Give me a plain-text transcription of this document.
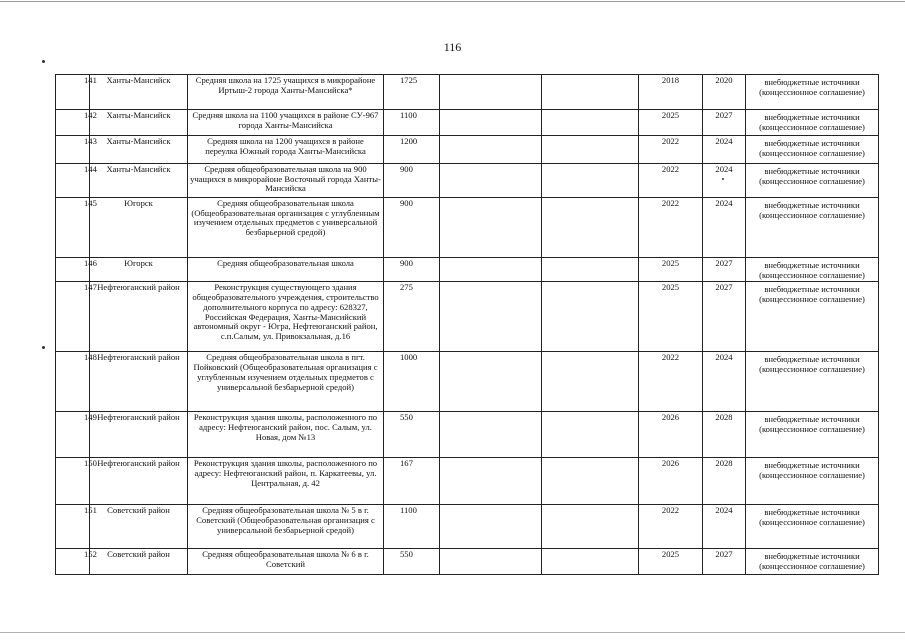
116
141	Ханты-Мансийск	Средняя школа на 1725 учащихся в микрорайоне Иртыш-2 города Ханты-Мансийска*	1725			2018	2020	внебюджетные источники (концессионное соглашение)
142	Ханты-Мансийск	Средняя школа на 1100 учащихся в районе СУ-967 города Ханты-Мансийска	1100			2025	2027	внебюджетные источники (концессионное соглашение)
143	Ханты-Мансийск	Средняя школа на 1200 учащихся в районе переулка Южный города Ханты-Мансийска	1200			2022	2024	внебюджетные источники (концессионное соглашение)
144	Ханты-Мансийск	Средняя общеобразовательная школа на 900 учащихся в микрорайоне Восточный города Ханты-Мансийска	900			2022	2024	внебюджетные источники (концессионное соглашение)
145	Югорск	Средняя общеобразовательная школа (Общеобразовательная организация с углубленным изучением отдельных предметов с универсальной безбарьерной средой)	900			2022	2024	внебюджетные источники (концессионное соглашение)
146	Югорск	Средняя общеобразовательная школа	900			2025	2027	внебюджетные источники (концессионное соглашение)
147	Нефтеюганский район	Реконструкция существующего здания общеобразовательного учреждения, строительство дополнительного корпуса по адресу: 628327, Российская Федерация, Ханты-Мансийский автономный округ - Югра, Нефтеюганский район, с.п.Салым, ул. Привокзальная, д.16	275			2025	2027	внебюджетные источники (концессионное соглашение)
148	Нефтеюганский район	Средняя общеобразовательная школа в пгт. Пойковский (Общеобразовательная организация с углубленным изучением отдельных предметов с универсальной безбарьерной средой)	1000			2022	2024	внебюджетные источники (концессионное соглашение)
149	Нефтеюганский район	Реконструкция здания школы, расположенного по адресу: Нефтеюганский район, пос. Салым, ул. Новая, дом №13	550			2026	2028	внебюджетные источники (концессионное соглашение)
150	Нефтеюганский район	Реконструкция здания школы, расположенного по адресу: Нефтеюганский район, п. Каркатеевы, ул. Центральная, д. 42	167			2026	2028	внебюджетные источники (концессионное соглашение)
151	Советский район	Средняя общеобразовательная школа № 5 в г. Советский (Общеобразовательная организация с универсальной безбарьерной средой)	1100			2022	2024	внебюджетные источники (концессионное соглашение)
152	Советский район	Средняя общеобразовательная школа № 6 в г. Советский	550			2025	2027	внебюджетные источники (концессионное соглашение)
